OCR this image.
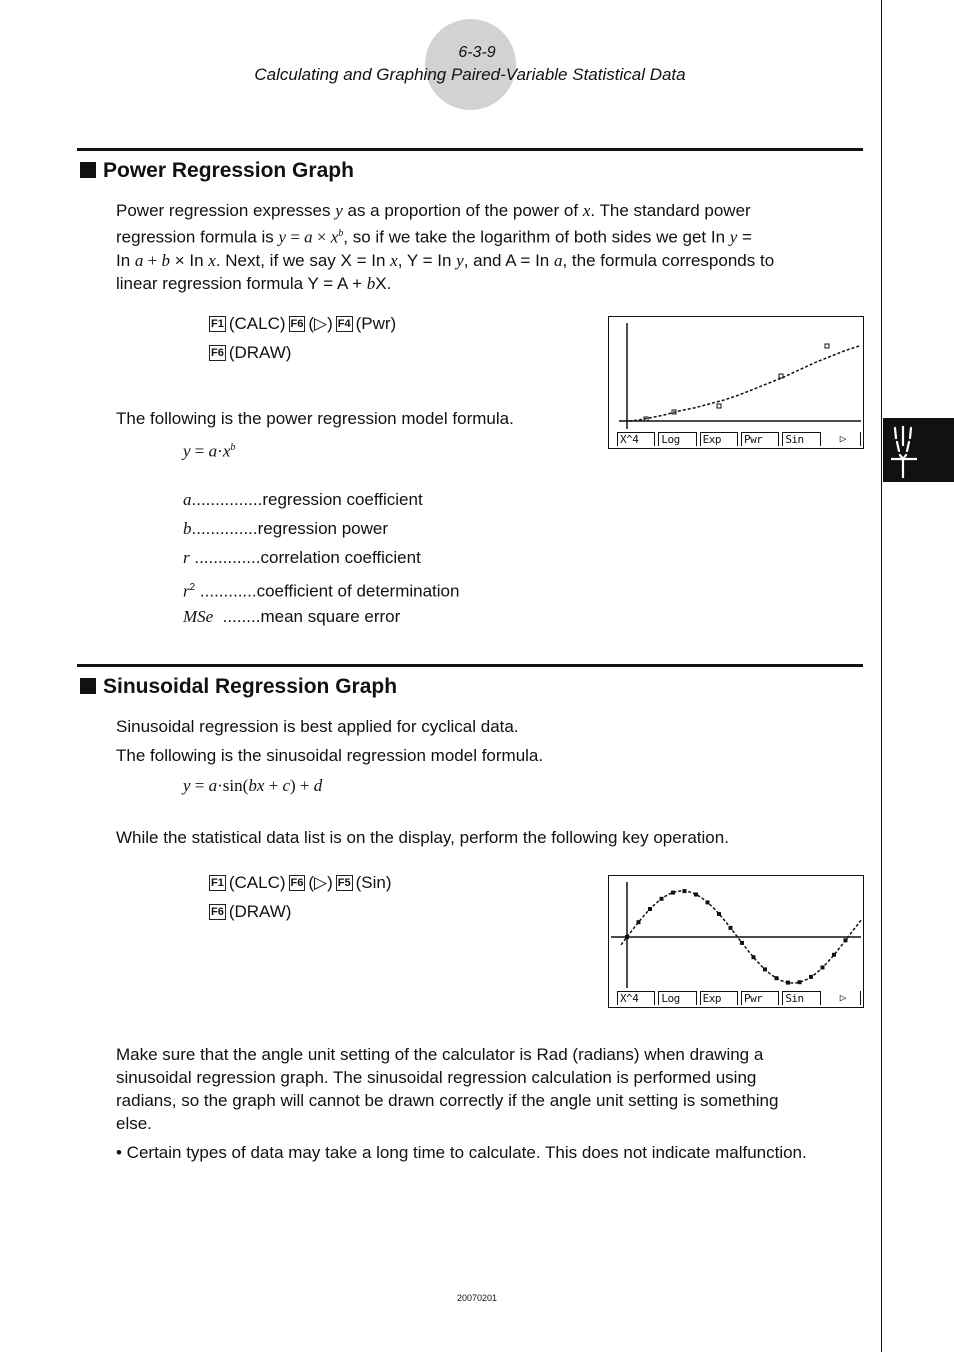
6-3-9
Calculating and Graphing Paired-Variable Statistical Data
Power Regression Graph
Power regression expresses y as a proportion of the power of x. The standard power
regression formula is $y = a \times x^b$, so if we take the logarithm of both sides we get In y =
In a + b × In x. Next, if we say X = In x, Y = In y, and A = In a, the formula corresponds to
linear regression formula Y = A + bX.
F1 (CALC) F6 (▷) F4 (Pwr)
F6 (DRAW)
X^4	Log	Exp	Pwr	Sin	▷
The following is the power regression model formula.
$y = a\cdot x^b$
a...............regression coefficient
b..............regression power
r ..............correlation coefficient
$r^2$ ............coefficient of determination
MSe  ........mean square error
Sinusoidal Regression Graph
Sinusoidal regression is best applied for cyclical data.
The following is the sinusoidal regression model formula.
y = a·sin(bx + c) + d
While the statistical data list is on the display, perform the following key operation.
F1 (CALC) F6 (▷) F5 (Sin)
F6 (DRAW)
X^4	Log	Exp	Pwr	Sin	▷
Make sure that the angle unit setting of the calculator is Rad (radians) when drawing a
sinusoidal regression graph. The sinusoidal regression calculation is performed using
radians, so the graph will cannot be drawn correctly if the angle unit setting is something
else.
• Certain types of data may take a long time to calculate. This does not indicate malfunction.
20070201
